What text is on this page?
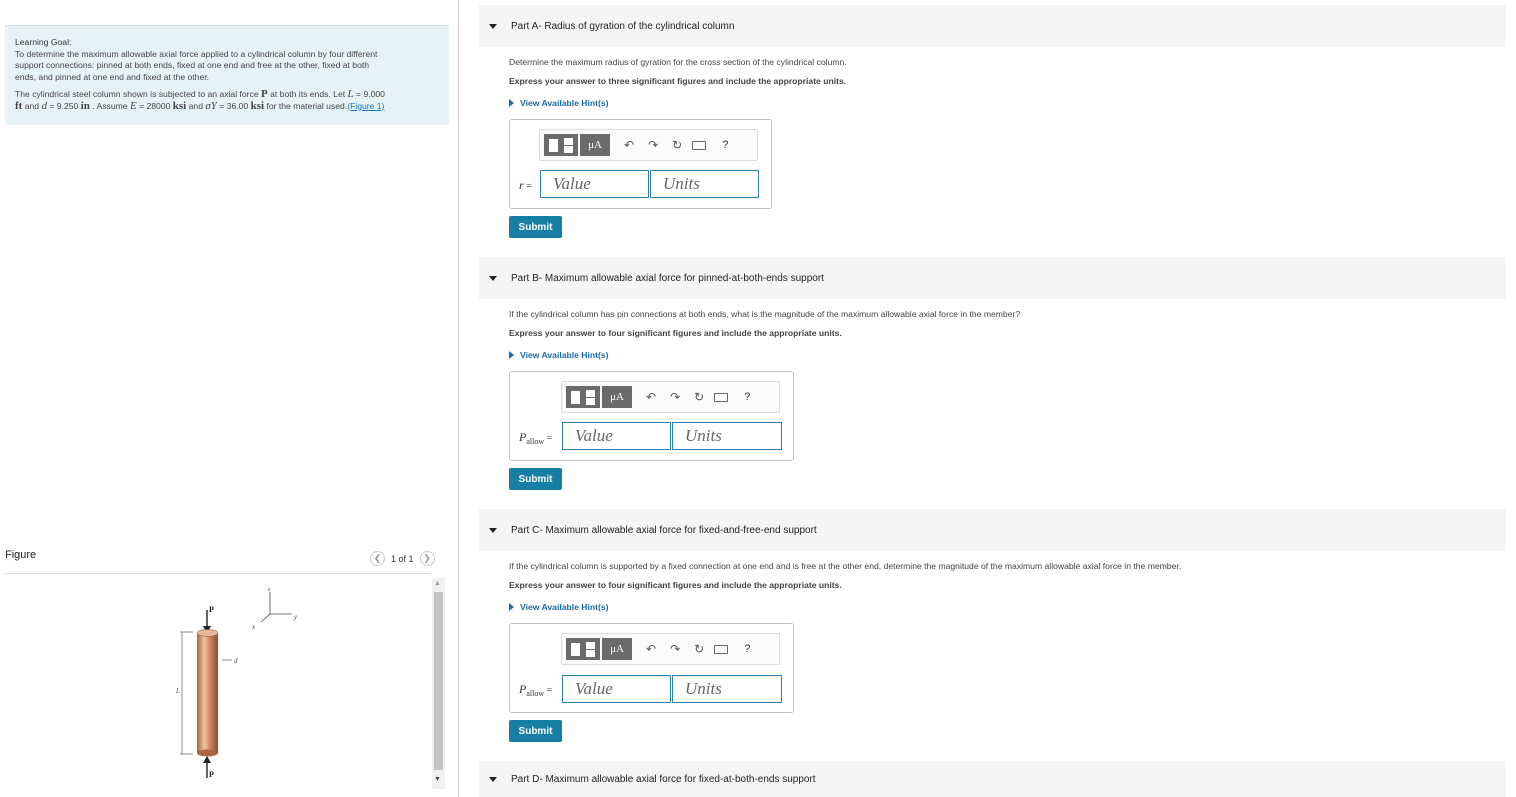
Learning Goal:

To determine the maximum allowable axial force applied to a cylindrical column by four different

support connections: pinned at both ends, fixed at one end and free at the other, fixed at both

ends, and pinned at one end and fixed at the other.

The cylindrical steel column shown is subjected to an axial force P at both its ends. Let L = 9.000
ft and d = 9.250 in . Assume E = 28000 ksi and σY = 36.00 ksi for the material used.(Figure 1)

Figure	❮	1 of 1	❯
▲
▼
z
y
x
P
d
L
P
Part A - Radius of gyration of the cylindrical column
Determine the maximum radius of gyration for the cross section of the cylindrical column.
Express your answer to three significant figures and include the appropriate units.
View Available Hint(s)
μA	↶ ↷ ↻	?
r =	Value	Units
Submit
Part B - Maximum allowable axial force for pinned-at-both-ends support
If the cylindrical column has pin connections at both ends, what is the magnitude of the maximum allowable axial force in the member?
Express your answer to four significant figures and include the appropriate units.
View Available Hint(s)
μA	↶ ↷ ↻	?
$P_{allow}$ =	Value	Units
Submit
Part C - Maximum allowable axial force for fixed-and-free-end support
If the cylindrical column is supported by a fixed connection at one end and is free at the other end, determine the magnitude of the maximum allowable axial force in the member.
Express your answer to four significant figures and include the appropriate units.
View Available Hint(s)
μA	↶ ↷ ↻	?
$P_{allow}$ =	Value	Units
Submit
Part D - Maximum allowable axial force for fixed-at-both-ends support
